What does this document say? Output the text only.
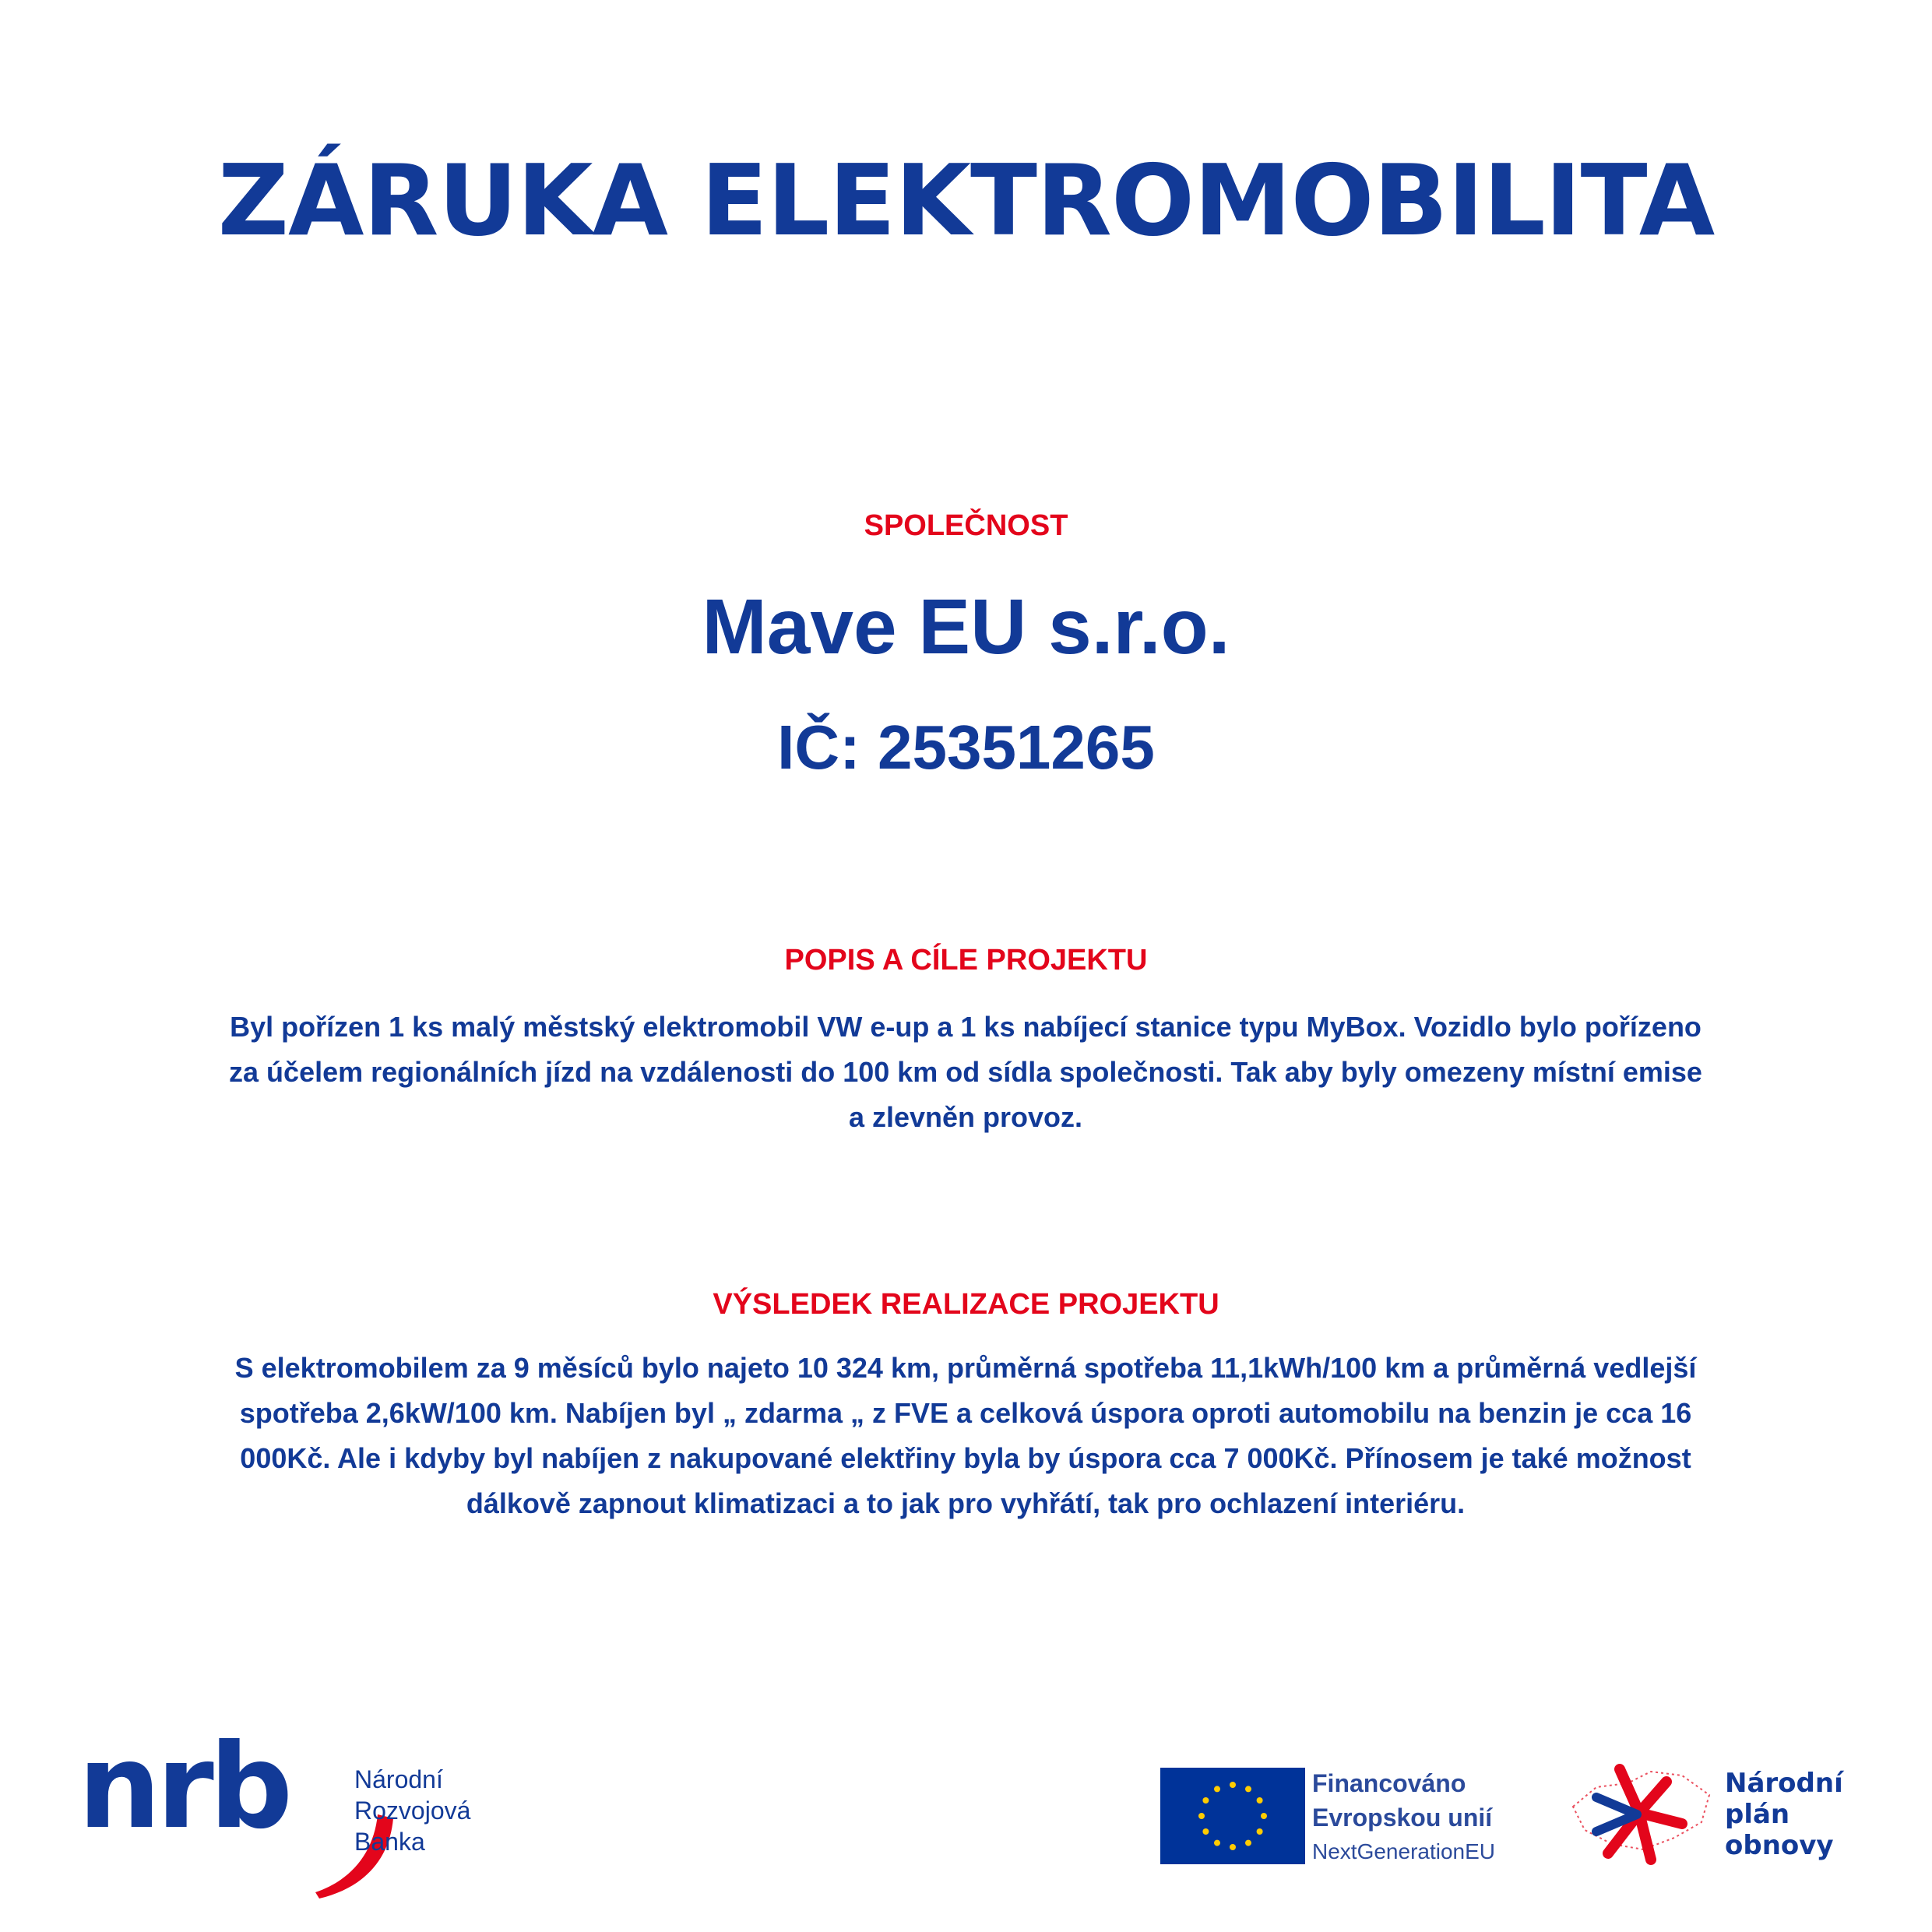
ZÁRUKA ELEKTROMOBILITA
SPOLEČNOST
Mave EU s.r.o.
IČ: 25351265
POPIS A CÍLE PROJEKTU
Byl pořízen 1 ks malý městský elektromobil VW e-up a 1 ks nabíjecí stanice typu MyBox. Vozidlo bylo pořízeno za účelem regionálních jízd na vzdálenosti do 100 km od sídla společnosti. Tak aby byly omezeny místní emise a zlevněn provoz.
VÝSLEDEK REALIZACE PROJEKTU
S elektromobilem za 9 měsíců bylo najeto 10 324 km, průměrná spotřeba 11,1kWh/100 km a průměrná vedlejší spotřeba 2,6kW/100 km. Nabíjen byl „ zdarma „ z FVE a celková úspora oproti automobilu na benzin je cca 16 000Kč. Ale i kdyby byl nabíjen z nakupované elektřiny byla by úspora cca 7 000Kč. Přínosem je také možnost dálkově zapnout klimatizaci a to jak pro vyhřátí, tak pro ochlazení interiéru.
nrb	Národní
Rozvojová
Banka
Financováno
Evropskou unií
NextGenerationEU
Národní
plán
obnovy
